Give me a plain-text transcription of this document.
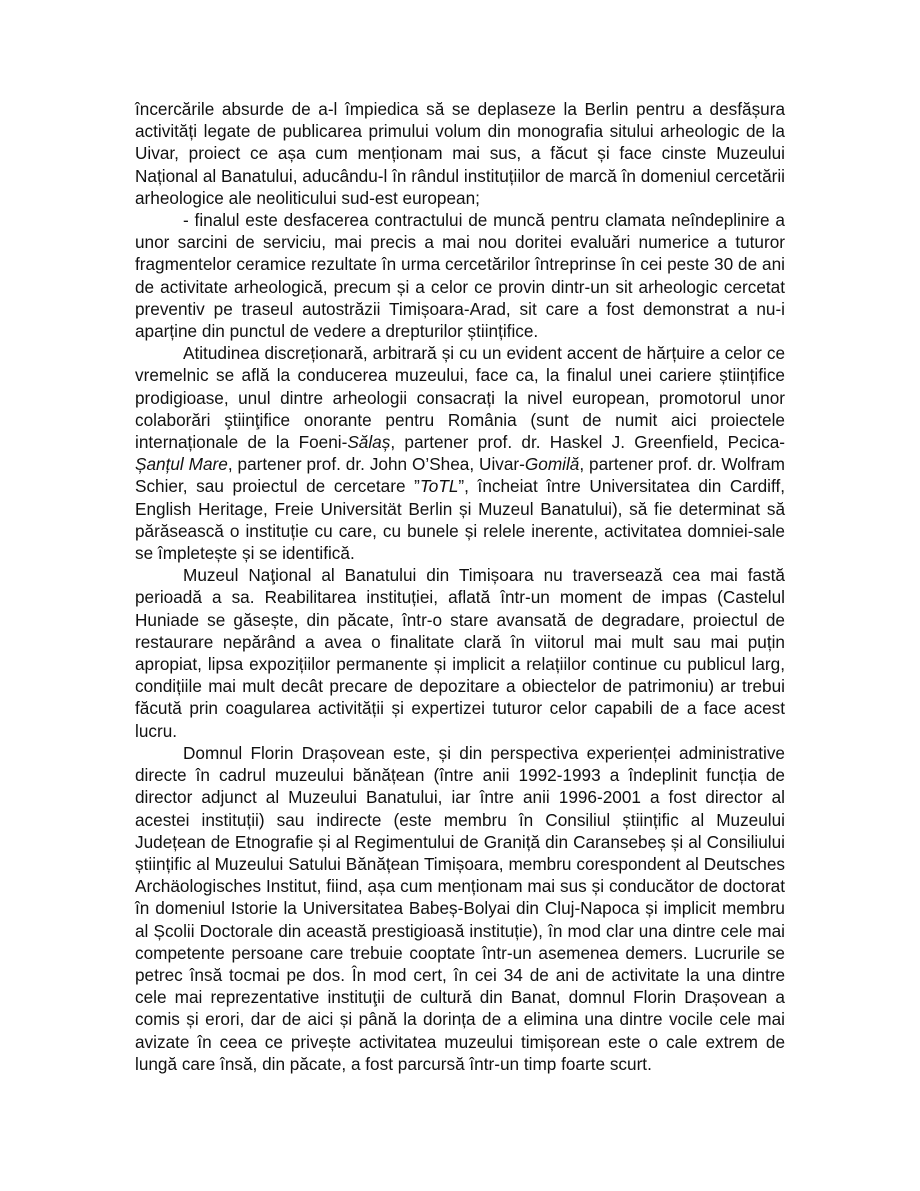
încercările absurde de a-l împiedica să se deplaseze la Berlin pentru a desfășura activități legate de publicarea primului volum din monografia sitului arheologic de la Uivar, proiect ce așa cum menționam mai sus, a făcut și face cinste Muzeului Național al Banatului, aducându-l în rândul instituțiilor de marcă în domeniul cercetării arheologice ale neoliticului sud-est european;

- finalul este desfacerea contractului de muncă pentru clamata neîndeplinire a unor sarcini de serviciu, mai precis a mai nou doritei evaluări numerice a tuturor fragmentelor ceramice rezultate în urma cercetărilor întreprinse în cei peste 30 de ani de activitate arheologică, precum și a celor ce provin dintr-un sit arheologic cercetat preventiv pe traseul autostrăzii Timișoara-Arad, sit care a fost demonstrat a nu-i aparține din punctul de vedere a drepturilor științifice.

Atitudinea discreționară, arbitrară și cu un evident accent de hărțuire a celor ce vremelnic se află la conducerea muzeului, face ca, la finalul unei cariere științifice prodigioase, unul dintre arheologii consacrați la nivel european, promotorul unor colaborări ştiinţifice onorante pentru România (sunt de numit aici proiectele internaționale de la Foeni-Sălaș, partener prof. dr. Haskel J. Greenfield, Pecica-Șanțul Mare, partener prof. dr. John O’Shea, Uivar-Gomilă, partener prof. dr. Wolfram Schier, sau proiectul de cercetare ”ToTL”, încheiat între Universitatea din Cardiff, English Heritage, Freie Universität Berlin și Muzeul Banatului), să fie determinat să părăsească o instituție cu care, cu bunele și relele inerente, activitatea domniei-sale se împletește și se identifică.

Muzeul Naţional al Banatului din Timișoara nu traversează cea mai fastă perioadă a sa. Reabilitarea instituției, aflată într-un moment de impas (Castelul Huniade se găsește, din păcate, într-o stare avansată de degradare, proiectul de restaurare nepărând a avea o finalitate clară în viitorul mai mult sau mai puțin apropiat, lipsa expozițiilor permanente și implicit a relațiilor continue cu publicul larg, condițiile mai mult decât precare de depozitare a obiectelor de patrimoniu) ar trebui făcută prin coagularea activității și expertizei tuturor celor capabili de a face acest lucru.

Domnul Florin Drașovean este, și din perspectiva experienței administrative directe în cadrul muzeului bănățean (între anii 1992-1993 a îndeplinit funcția de director adjunct al Muzeului Banatului, iar între anii 1996-2001 a fost director al acestei instituții) sau indirecte (este membru în Consiliul științific al Muzeului Județean de Etnografie și al Regimentului de Graniță din Caransebeș și al Consiliului științific al Muzeului Satului Bănățean Timișoara, membru corespondent al Deutsches Archäologisches Institut, fiind, așa cum menționam mai sus și conducător de doctorat în domeniul Istorie la Universitatea Babeș-Bolyai din Cluj-Napoca și implicit membru al Școlii Doctorale din această prestigioasă instituție), în mod clar una dintre cele mai competente persoane care trebuie cooptate într-un asemenea demers. Lucrurile se petrec însă tocmai pe dos. În mod cert, în cei 34 de ani de activitate la una dintre cele mai reprezentative instituţii de cultură din Banat, domnul Florin Drașovean a comis și erori, dar de aici și până la dorința de a elimina una dintre vocile cele mai avizate în ceea ce privește activitatea muzeului timișorean este o cale extrem de lungă care însă, din păcate, a fost parcursă într-un timp foarte scurt.
